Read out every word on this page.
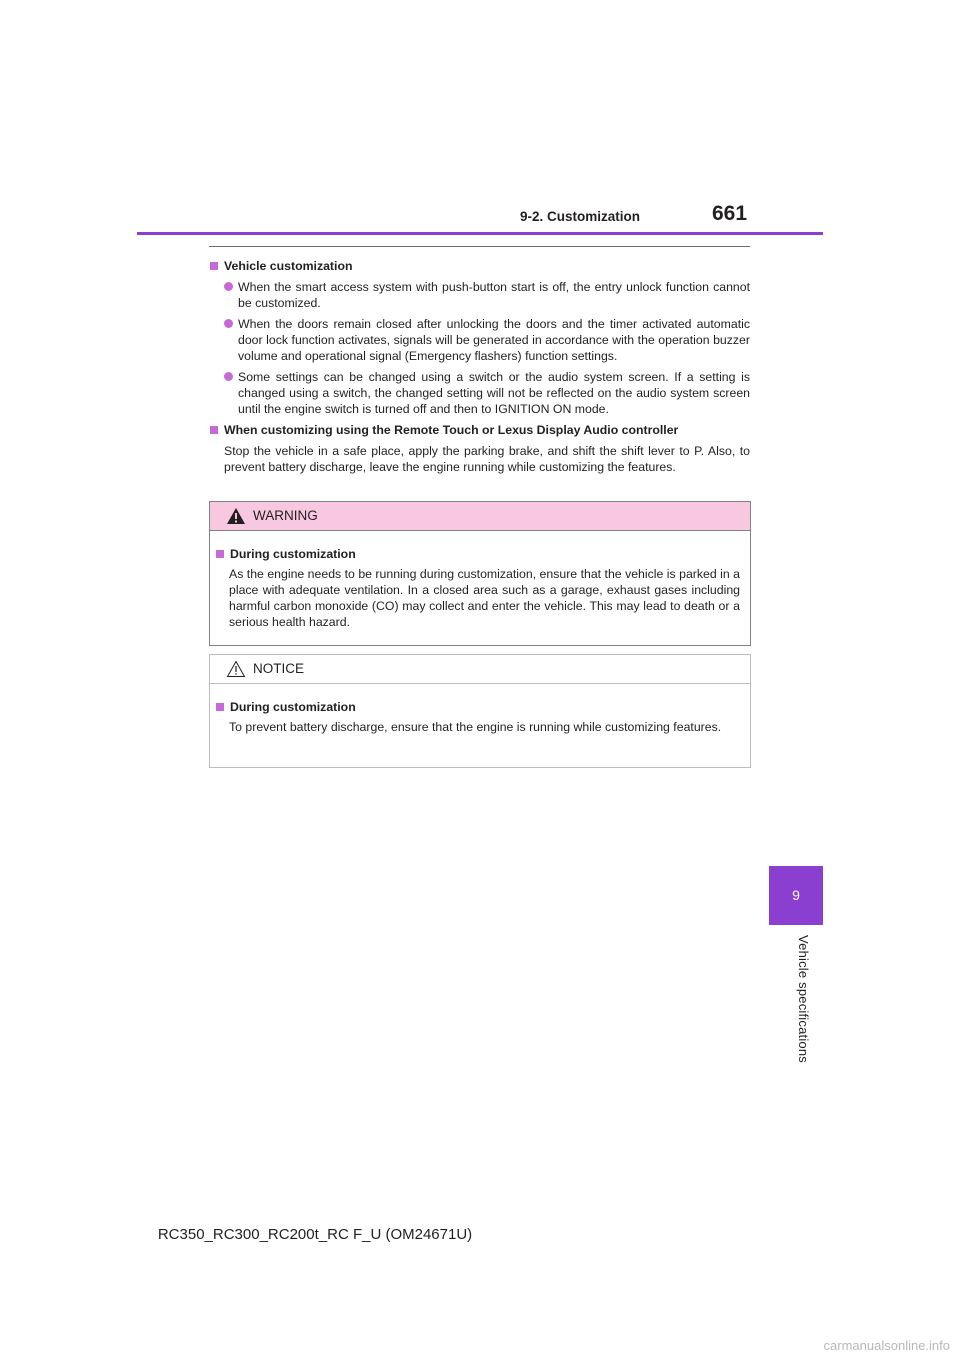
9-2. Customization	661
Vehicle customization
When the smart access system with push-button start is off, the entry unlock function cannot be customized.
When the doors remain closed after unlocking the doors and the timer activated automatic door lock function activates, signals will be generated in accordance with the operation buzzer volume and operational signal (Emergency flashers) function settings.
Some settings can be changed using a switch or the audio system screen. If a setting is changed using a switch, the changed setting will not be reflected on the audio system screen until the engine switch is turned off and then to IGNITION ON mode.
When customizing using the Remote Touch or Lexus Display Audio controller
Stop the vehicle in a safe place, apply the parking brake, and shift the shift lever to P. Also, to prevent battery discharge, leave the engine running while customizing the features.
WARNING
During customization
As the engine needs to be running during customization, ensure that the vehicle is parked in a place with adequate ventilation. In a closed area such as a garage, exhaust gases including harmful carbon monoxide (CO) may collect and enter the vehicle. This may lead to death or a serious health hazard.
NOTICE
During customization
To prevent battery discharge, ensure that the engine is running while customizing features.
9
Vehicle specifications
RC350_RC300_RC200t_RC F_U (OM24671U)
carmanualsonline.info
